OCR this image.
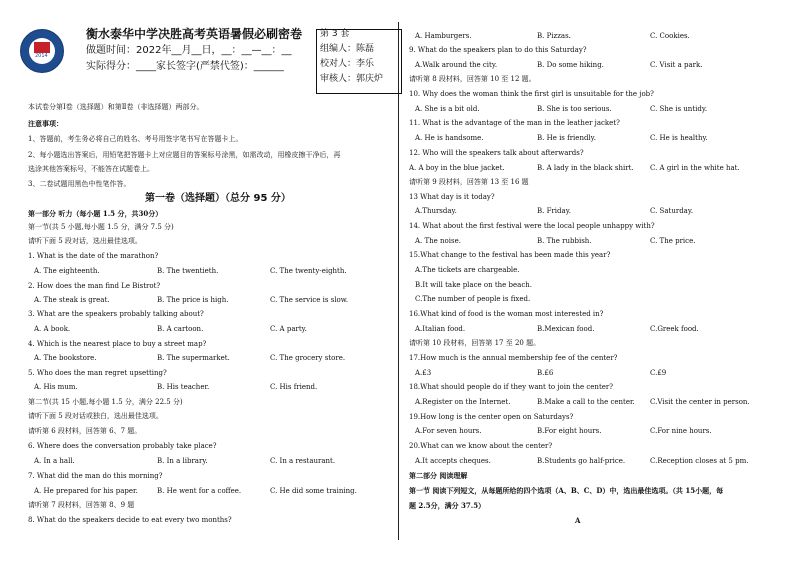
2014
衡水泰华中学决胜高考英语暑假必刷密卷
做题时间：2022年__月__日，__：__—__：__
实际得分：____家长签字(严禁代签)：______
第 3 套
组编人：陈磊
校对人：李乐
审核人：郭庆炉
本试卷分第Ⅰ卷（选择题）和第Ⅱ卷（非选择题）两部分。
注意事项：
1、答题前，考生务必将自己的姓名、考号用签字笔书写在答题卡上。
2、每小题选出答案后，用铅笔把答题卡上对应题目的答案标号涂黑，如需改动，用橡皮擦干净后，再
选涂其他答案标号，不能答在试题卷上。
3、二卷试题用黑色中性笔作答。
第一卷（选择题）（总分 95 分）
第一部分 听力（每小题 1.5 分，共30分）
第一节(共 5 小题,每小题 1.5 分，满分 7.5 分)
请听下面 5 段对话，选出最佳选项。
1. What is the date of the marathon?
A. The eighteenth.	B. The twentieth.	C. The twenty-eighth.
2. How does the man find Le Bistrot?
A. The steak is great.	B. The price is high.	C. The service is slow.
3. What are the speakers probably talking about?
A. A book.	B. A cartoon.	C. A party.
4. Which is the nearest place to buy a street map?
A. The bookstore.	B. The supermarket.	C. The grocery store.
5. Who does the man regret upsetting?
A. His mum.	B. His teacher.	C. His friend.
第二节(共 15 小题,每小题 1.5 分，满分 22.5 分)
请听下面 5 段对话或独白，选出最佳选项。
请听第 6 段材料，回答第 6、7 题。
6. Where does the conversation probably take place?
A. In a hall.	B. In a library.	C. In a restaurant.
7. What did the man do this morning?
A. He prepared for his paper.	B. He went for a coffee.	C. He did some training.
请听第 7 段材料，回答第 8、9 题
8. What do the speakers decide to eat every two months?
A. Hamburgers.	B. Pizzas.	C. Cookies.
9. What do the speakers plan to do this Saturday?
A.Walk around the city.	B. Do some hiking.	C. Visit a park.
请听第 8 段材料，回答第 10 至 12 题。
10. Why does the woman think the first girl is unsuitable for the job?
A. She is a bit old.	B. She is too serious.	C. She is untidy.
11. What is the advantage of the man in the leather jacket?
A. He is handsome.	B. He is friendly.	C. He is healthy.
12. Who will the speakers talk about afterwards?
A. A boy in the blue jacket.	B. A lady in the black shirt. C. A girl in the white hat.
请听第 9 段材料，回答第 13 至 16 题
13 What day is it today?
A.Thursday.	B. Friday.	C. Saturday.
14. What about the first festival were the local people unhappy with?
A. The noise.	B. The rubbish.	C. The price.
15.What change to the festival has been made this year?
A.The tickets are chargeable.
B.It will take place on the beach.
C.The number of people is fixed.
16.What kind of food is the woman most interested in?
A.Italian food.	B.Mexican food.	C.Greek food.
请听第 10 段材料，回答第 17 至 20 题。
17.How much is the annual membership fee of the center?
A.£3	B.£6	C.£9
18.What should people do if they want to join the center?
A.Register on the Internet.	B.Make a call to the center. C.Visit the center in person.
19.How long is the center open on Saturdays?
A.For seven hours.	B.For eight hours.	C.For nine hours.
20.What can we know about the center?
A.It accepts cheques.	B.Students go half-price.	C.Reception closes at 5 pm.
第二部分 阅读理解
第一节 阅读下列短文，从每题所给的四个选项（A、B、C、D）中，选出最佳选项。（共 15小题，每
题 2.5分，满分 37.5）
A
